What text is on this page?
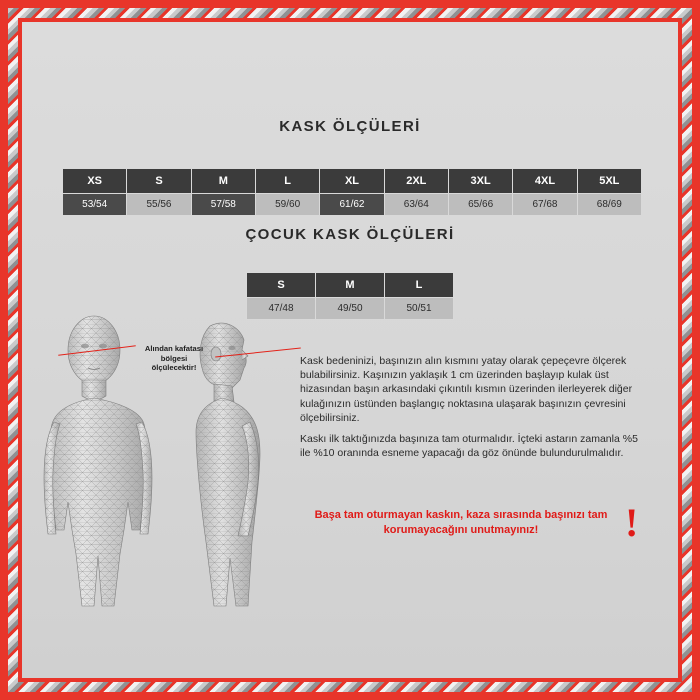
KASK ÖLÇÜLERİ
ÇOCUK KASK ÖLÇÜLERİ
XS	S	M	L	XL	2XL	3XL	4XL	5XL
53/54	55/56	57/58	59/60	61/62	63/64	65/66	67/68	68/69
S	M	L
47/48	49/50	50/51
Alından kafatası
bölgesi
ölçülecektir!

Kask bedeninizi, başınızın alın kısmını yatay olarak çepeçevre ölçerek bulabilirsiniz. Kaşınızın yaklaşık 1 cm üzerinden başlayıp kulak üst hizasından başın arkasındaki çıkıntılı kısmın üzerinden ilerleyerek diğer kulağınızın üstünden başlangıç noktasına ulaşarak başınızın çevresini ölçebilirsiniz.

Kaskı ilk taktığınızda başınıza tam oturmalıdır. İçteki astarın zamanla %5 ile %10 oranında esneme yapacağı da göz önünde bulundurulmalıdır.

Başa tam oturmayan kaskın, kaza sırasında başınızı tam
korumayacağını unutmayınız!	!
